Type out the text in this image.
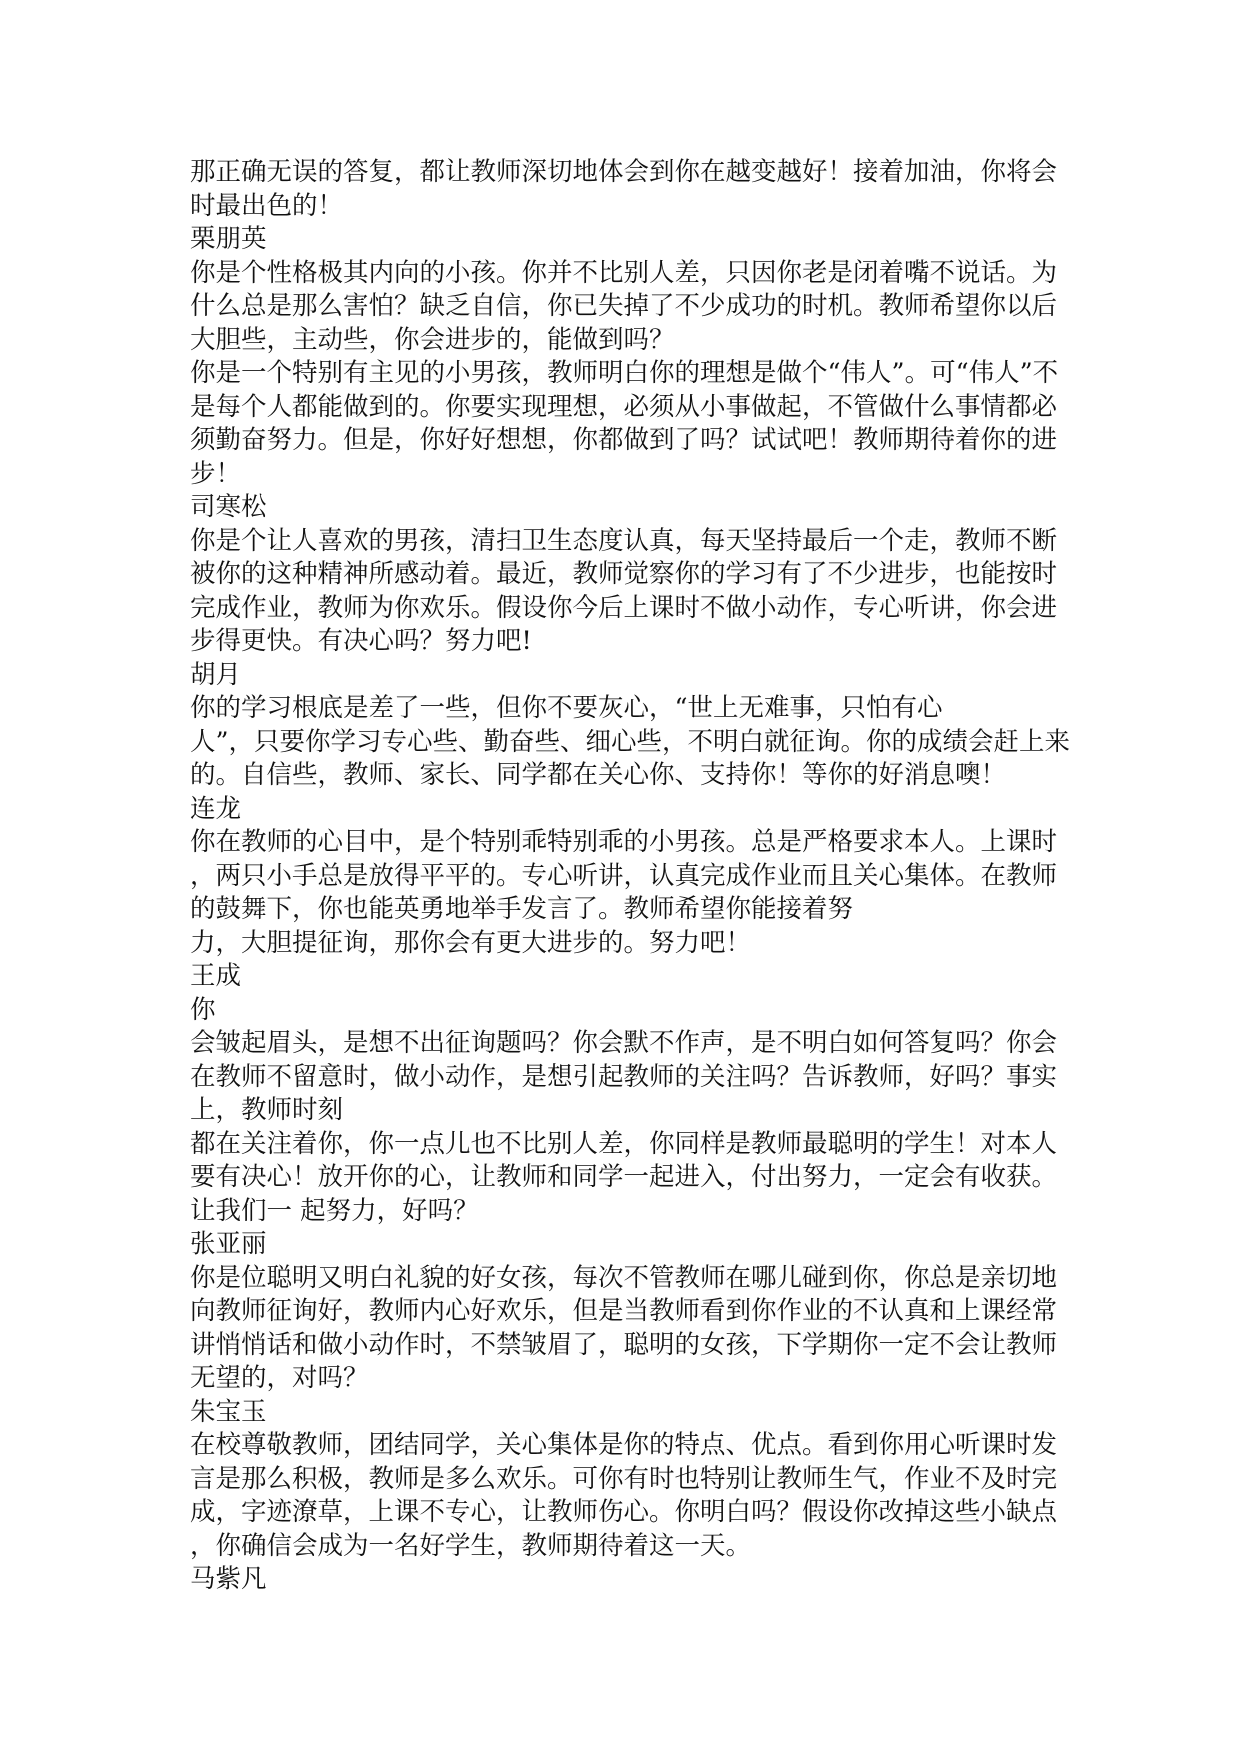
那正确无误的答复，都让教师深切地体会到你在越变越好！接着加油，你将会
时最出色的！
栗朋英
你是个性格极其内向的小孩。你并不比别人差，只因你老是闭着嘴不说话。为
什么总是那么害怕？缺乏自信，你已失掉了不少成功的时机。教师希望你以后
大胆些，主动些，你会进步的，能做到吗？
你是一个特别有主见的小男孩，教师明白你的理想是做个“伟人”。可“伟人”不
是每个人都能做到的。你要实现理想，必须从小事做起，不管做什么事情都必
须勤奋努力。但是，你好好想想，你都做到了吗？试试吧！教师期待着你的进
步！
司寒松
你是个让人喜欢的男孩，清扫卫生态度认真，每天坚持最后一个走，教师不断
被你的这种精神所感动着。最近，教师觉察你的学习有了不少进步，也能按时
完成作业，教师为你欢乐。假设你今后上课时不做小动作，专心听讲，你会进
步得更快。有决心吗？努力吧!
胡月
你的学习根底是差了一些，但你不要灰心，“世上无难事，只怕有心
人”，只要你学习专心些、勤奋些、细心些，不明白就征询。你的成绩会赶上来
的。自信些，教师、家长、同学都在关心你、支持你！等你的好消息噢！
连龙
你在教师的心目中，是个特别乖特别乖的小男孩。总是严格要求本人。上课时
，两只小手总是放得平平的。专心听讲，认真完成作业而且关心集体。在教师
的鼓舞下，你也能英勇地举手发言了。教师希望你能接着努
力，大胆提征询，那你会有更大进步的。努力吧！
王成
你
会皱起眉头，是想不出征询题吗？你会默不作声，是不明白如何答复吗？你会
在教师不留意时，做小动作，是想引起教师的关注吗？告诉教师，好吗？事实
上，教师时刻
都在关注着你，你一点儿也不比别人差，你同样是教师最聪明的学生！对本人
要有决心！放开你的心，让教师和同学一起进入，付出努力，一定会有收获。
让我们一 起努力，好吗？
张亚丽
你是位聪明又明白礼貌的好女孩，每次不管教师在哪儿碰到你，你总是亲切地
向教师征询好，教师内心好欢乐，但是当教师看到你作业的不认真和上课经常
讲悄悄话和做小动作时，不禁皱眉了，聪明的女孩，下学期你一定不会让教师
无望的，对吗？
朱宝玉
在校尊敬教师，团结同学，关心集体是你的特点、优点。看到你用心听课时发
言是那么积极，教师是多么欢乐。可你有时也特别让教师生气，作业不及时完
成，字迹潦草，上课不专心，让教师伤心。你明白吗？假设你改掉这些小缺点
，你确信会成为一名好学生，教师期待着这一天。
马紫凡
